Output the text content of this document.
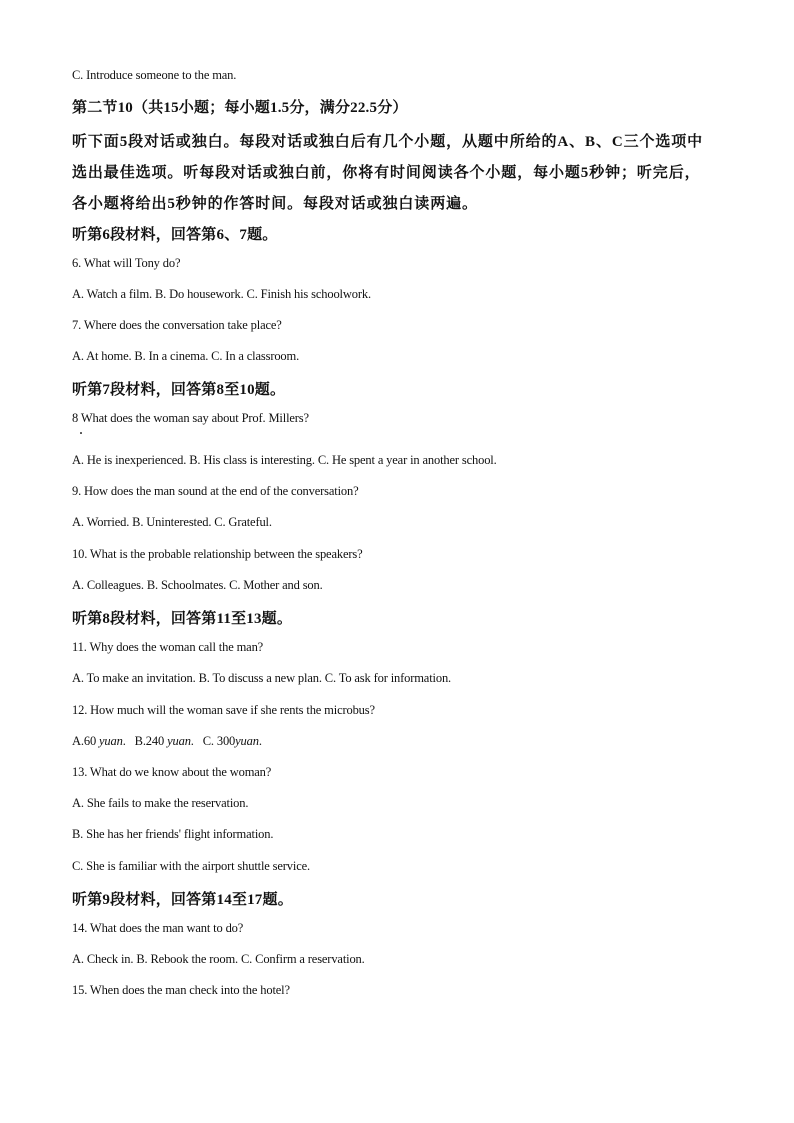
C. Introduce someone to the man.
第二节10（共15小题；每小题1.5分，满分22.5分）
听下面5段对话或独白。每段对话或独白后有几个小题，从题中所给的A、B、C三个选项中
选出最佳选项。听每段对话或独白前，你将有时间阅读各个小题，每小题5秒钟；听完后，
各小题将给出5秒钟的作答时间。每段对话或独白读两遍。
听第6段材料，回答第6、7题。
6. What will Tony do?
A. Watch a film. B. Do housework. C. Finish his schoolwork.
7. Where does the conversation take place?
A. At home. B. In a cinema. C. In a classroom.
听第7段材料，回答第8至10题。
8 What does the woman say about Prof. Millers?
A. He is inexperienced. B. His class is interesting. C. He spent a year in another school.
9. How does the man sound at the end of the conversation?
A. Worried. B. Uninterested. C. Grateful.
10. What is the probable relationship between the speakers?
A. Colleagues. B. Schoolmates. C. Mother and son.
听第8段材料，回答第11至13题。
11. Why does the woman call the man?
A. To make an invitation. B. To discuss a new plan. C. To ask for information.
12. How much will the woman save if she rents the microbus?
A.60 yuan.   B.240 yuan.   C. 300yuan.
13. What do we know about the woman?
A. She fails to make the reservation.
B. She has her friends' flight information.
C. She is familiar with the airport shuttle service.
听第9段材料，回答第14至17题。
14. What does the man want to do?
A. Check in. B. Rebook the room. C. Confirm a reservation.
15. When does the man check into the hotel?
